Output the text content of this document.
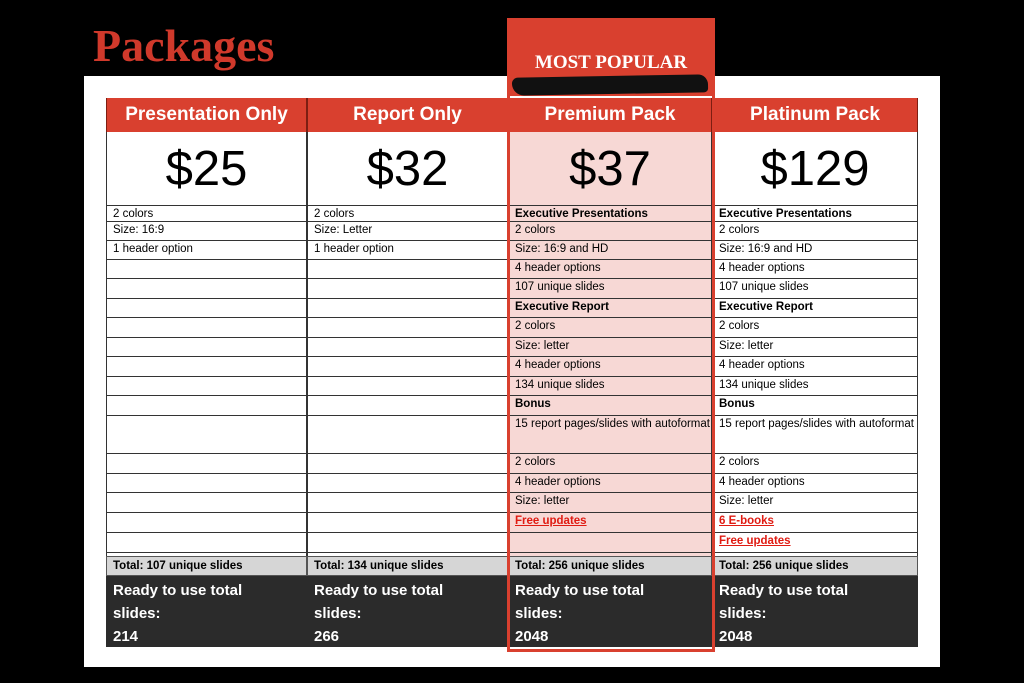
Packages	MOST POPULAR
Presentation Only
$25
2 colors
Size: 16:9
1 header option
Total: 107 unique slides
Ready to use total slides:
214
Report Only
$32
2 colors
Size: Letter
1 header option
Total: 134 unique slides
Ready to use total slides:
266
Premium Pack
$37
Executive Presentations
2 colors
Size: 16:9 and HD
4 header options
107 unique slides
Executive Report
2 colors
Size: letter
4 header options
134 unique slides
Bonus
15 report pages/slides with autoformat
2 colors
4 header options
Size: letter
Free updates
Total: 256 unique slides
Ready to use total slides:
2048
Platinum Pack
$129
Executive Presentations
2 colors
Size: 16:9 and HD
4 header options
107 unique slides
Executive Report
2 colors
Size: letter
4 header options
134 unique slides
Bonus
15 report pages/slides with autoformat
2 colors
4 header options
Size: letter
6 E-books
Free updates
Total: 256 unique slides
Ready to use total slides:
2048
